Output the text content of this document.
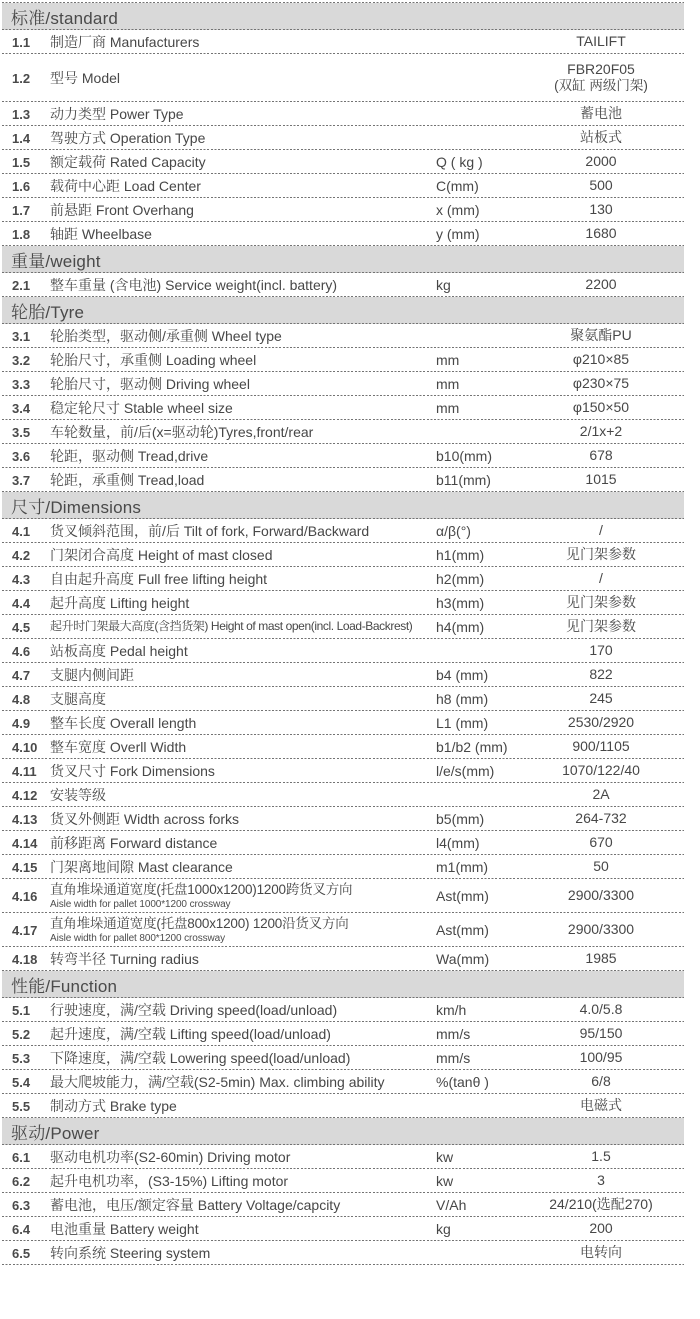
标准/standard
1.1	制造厂商 Manufacturers	TAILIFT
1.2	型号 Model
FBR20F05
(双缸 两级门架)
1.3	动力类型 Power Type	蓄电池
1.4	驾驶方式 Operation Type	站板式
1.5	额定载荷 Rated Capacity	Q ( kg )	2000
1.6	载荷中心距 Load Center	C(mm)	500
1.7	前悬距 Front Overhang	x (mm)	130
1.8	轴距 Wheelbase	y (mm)	1680
重量/weight
2.1	整车重量 (含电池) Service weight(incl. battery)	kg	2200
轮胎/Tyre
3.1	轮胎类型，驱动侧/承重侧 Wheel type	聚氨酯PU
3.2	轮胎尺寸，承重侧 Loading wheel	mm	φ210×85
3.3	轮胎尺寸，驱动侧 Driving wheel	mm	φ230×75
3.4	稳定轮尺寸 Stable wheel size	mm	φ150×50
3.5	车轮数量，前/后(x=驱动轮)Tyres,front/rear	2/1x+2
3.6	轮距，驱动侧 Tread,drive	b10(mm)	678
3.7	轮距，承重侧 Tread,load	b11(mm)	1015
尺寸/Dimensions
4.1	货叉倾斜范围，前/后 Tilt of fork, Forward/Backward	α/β(°)	/
4.2	门架闭合高度 Height of mast closed	h1(mm)	见门架参数
4.3	自由起升高度 Full free lifting height	h2(mm)	/
4.4	起升高度 Lifting height	h3(mm)	见门架参数
4.5	起升时门架最大高度(含挡货架) Height of mast open(incl. Load-Backrest)	h4(mm)	见门架参数
4.6	站板高度 Pedal height	170
4.7	支腿内侧间距	b4 (mm)	822
4.8	支腿高度	h8 (mm)	245
4.9	整车长度 Overall length	L1 (mm)	2530/2920
4.10 整车宽度 Overll Width	b1/b2 (mm)	900/1105
4.11 货叉尺寸 Fork Dimensions	l/e/s(mm)	1070/122/40
4.12 安装等级	2A
4.13 货叉外侧距 Width across forks	b5(mm)	264-732
4.14 前移距离 Forward distance	l4(mm)	670
4.15 门架离地间隙 Mast clearance	m1(mm)	50
4.16 直角堆垛通道宽度(托盘1000x1200)1200跨货叉方向
Aisle width for pallet 1000*1200 crossway
Ast(mm)	2900/3300
4.17 直角堆垛通道宽度(托盘800x1200) 1200沿货叉方向
Aisle width for pallet 800*1200 crossway
Ast(mm)	2900/3300
4.18 转弯半径 Turning radius	Wa(mm)	1985
性能/Function
5.1	行驶速度，满/空载 Driving speed(load/unload)	km/h	4.0/5.8
5.2	起升速度，满/空载 Lifting speed(load/unload)	mm/s	95/150
5.3	下降速度，满/空载 Lowering speed(load/unload)	mm/s	100/95
5.4	最大爬坡能力，满/空载(S2-5min) Max. climbing ability	%(tanθ )	6/8
5.5	制动方式 Brake type	电磁式
驱动/Power
6.1	驱动电机功率(S2-60min) Driving motor	kw	1.5
6.2	起升电机功率，(S3-15%) Lifting motor	kw	3
6.3	蓄电池，电压/额定容量 Battery Voltage/capcity	V/Ah	24/210(选配270)
6.4	电池重量 Battery weight	kg	200
6.5	转向系统 Steering system	电转向
